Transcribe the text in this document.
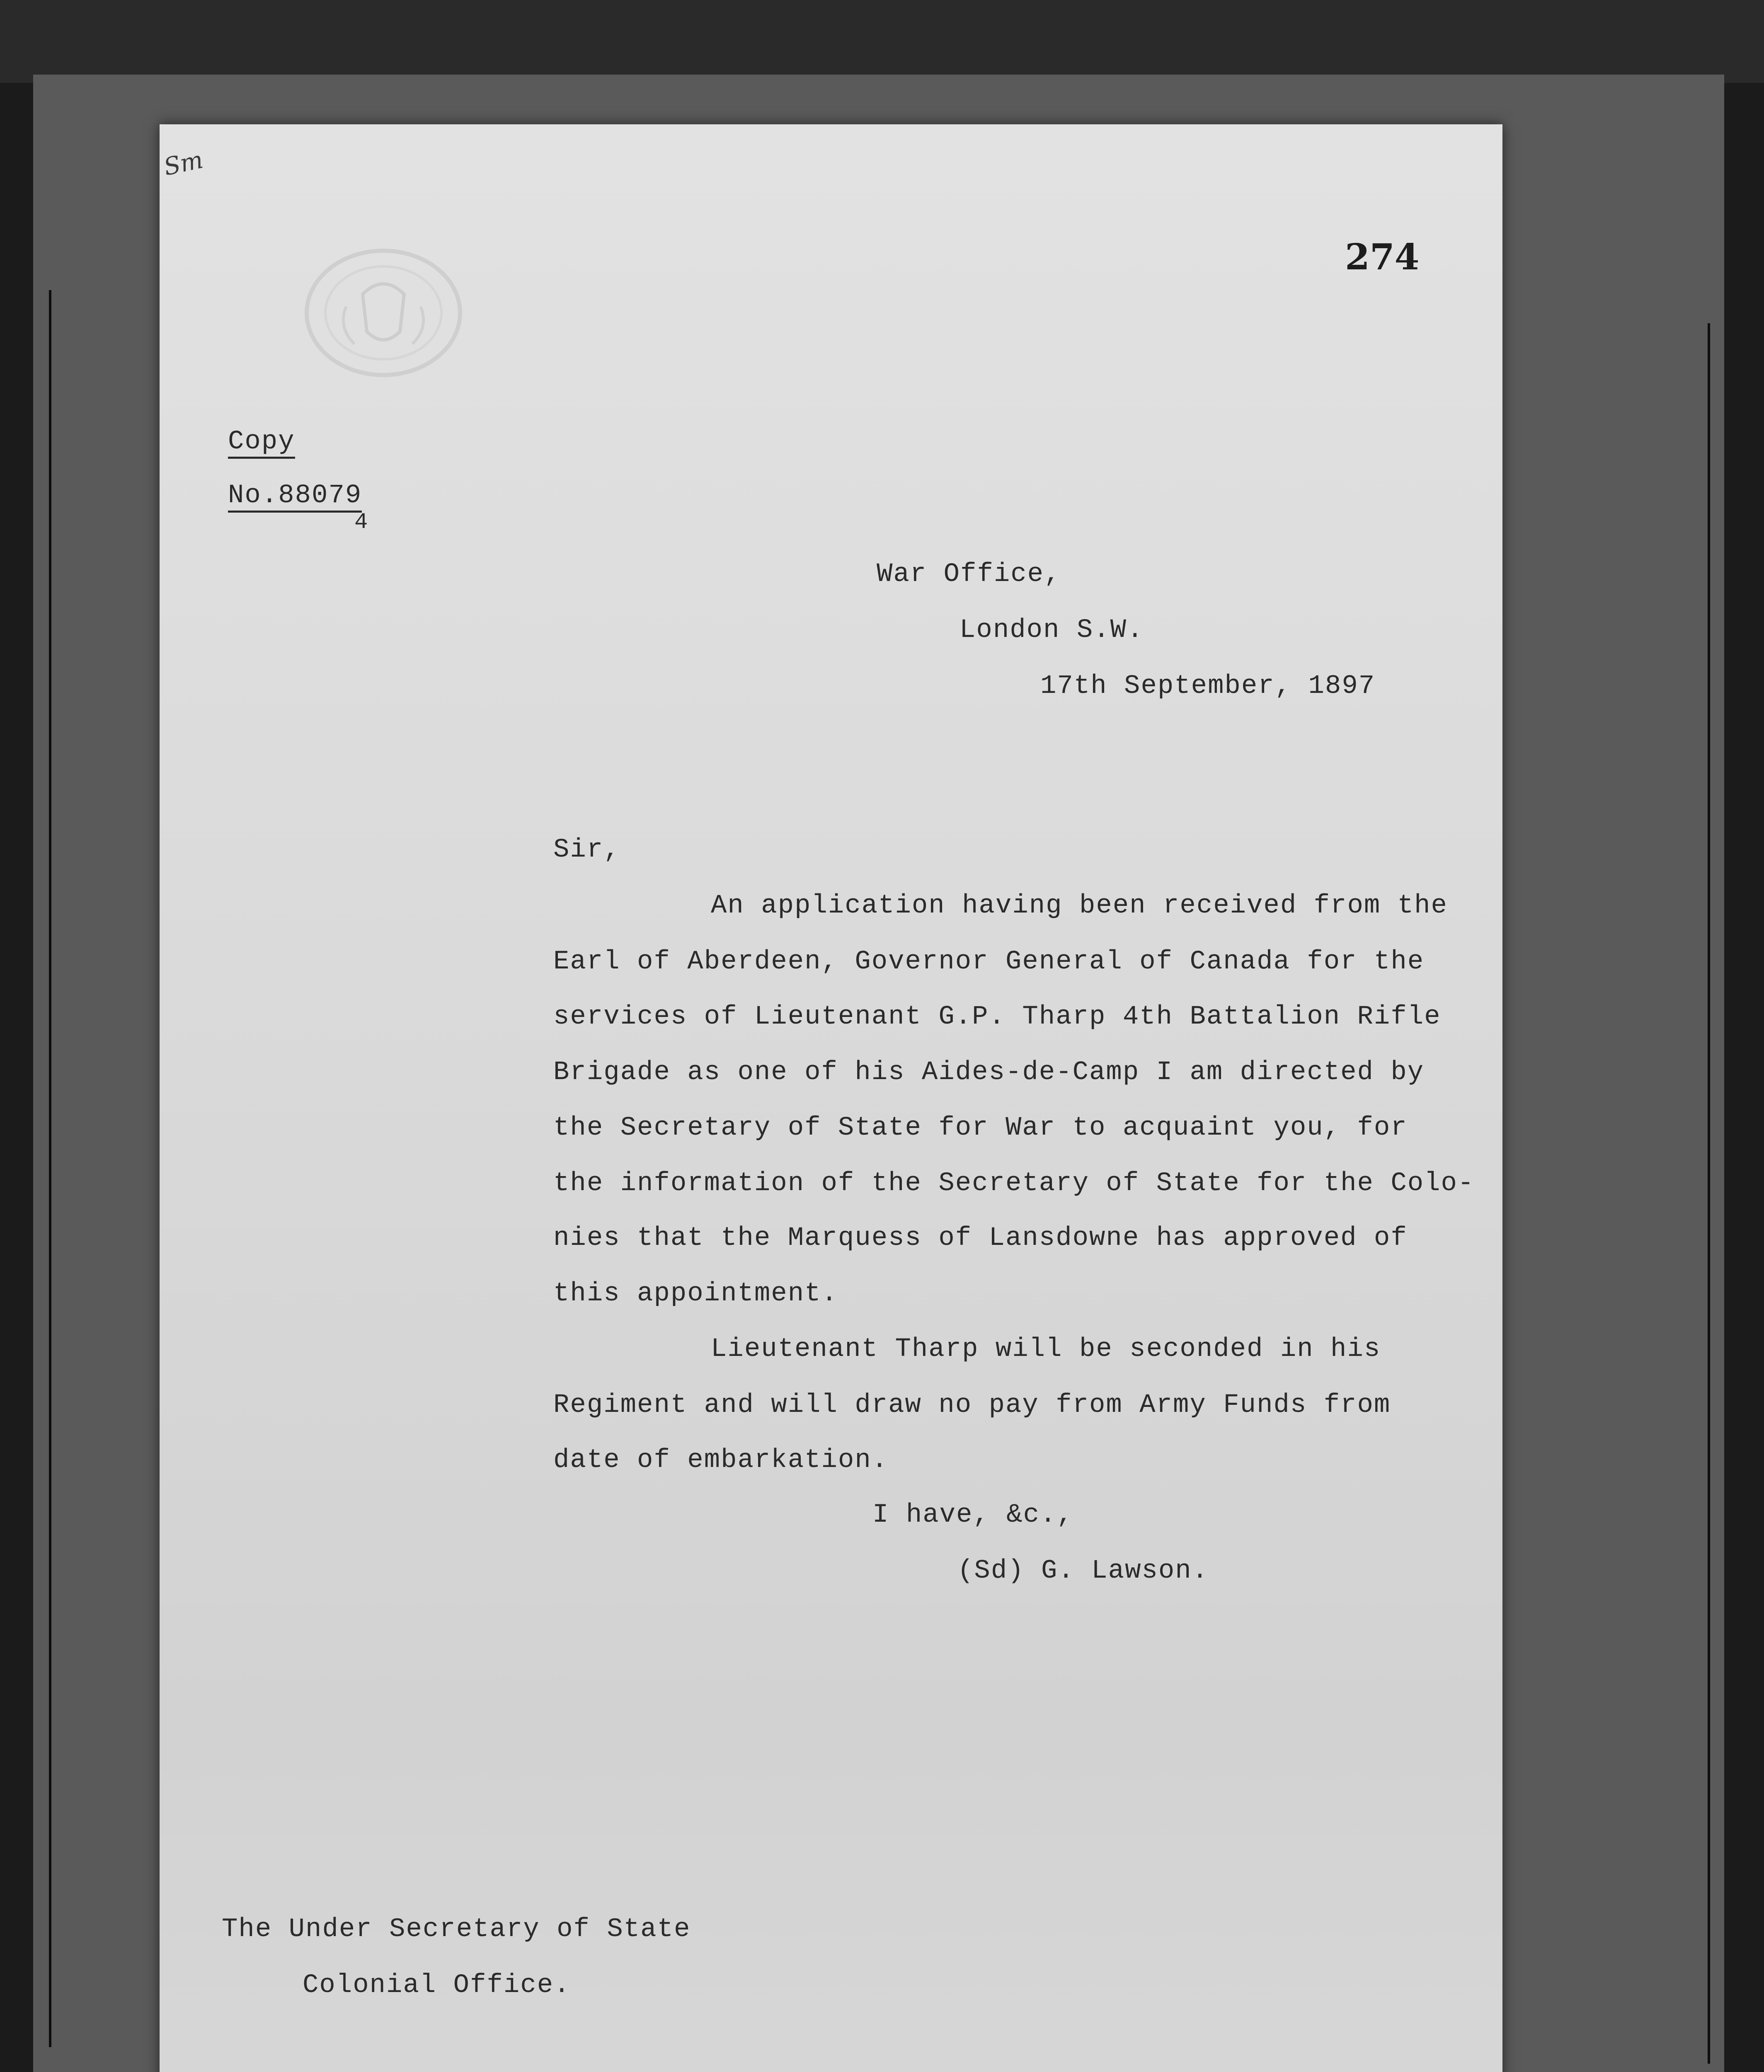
Sm
274
Copy
No.88079
4
War Office,
London S.W.
17th September, 1897
Sir,
An application having been received from the
Earl of Aberdeen, Governor General of Canada for the
services of Lieutenant G.P. Tharp 4th Battalion Rifle
Brigade as one of his Aides-de-Camp I am directed by
the Secretary of State for War to acquaint you, for
the information of the Secretary of State for the Colo-
nies that the Marquess of Lansdowne has approved of
this appointment.
Lieutenant Tharp will be seconded in his
Regiment and will draw no pay from Army Funds from
date of embarkation.
I have, &c.,
(Sd) G. Lawson.
The Under Secretary of State
Colonial Office.
